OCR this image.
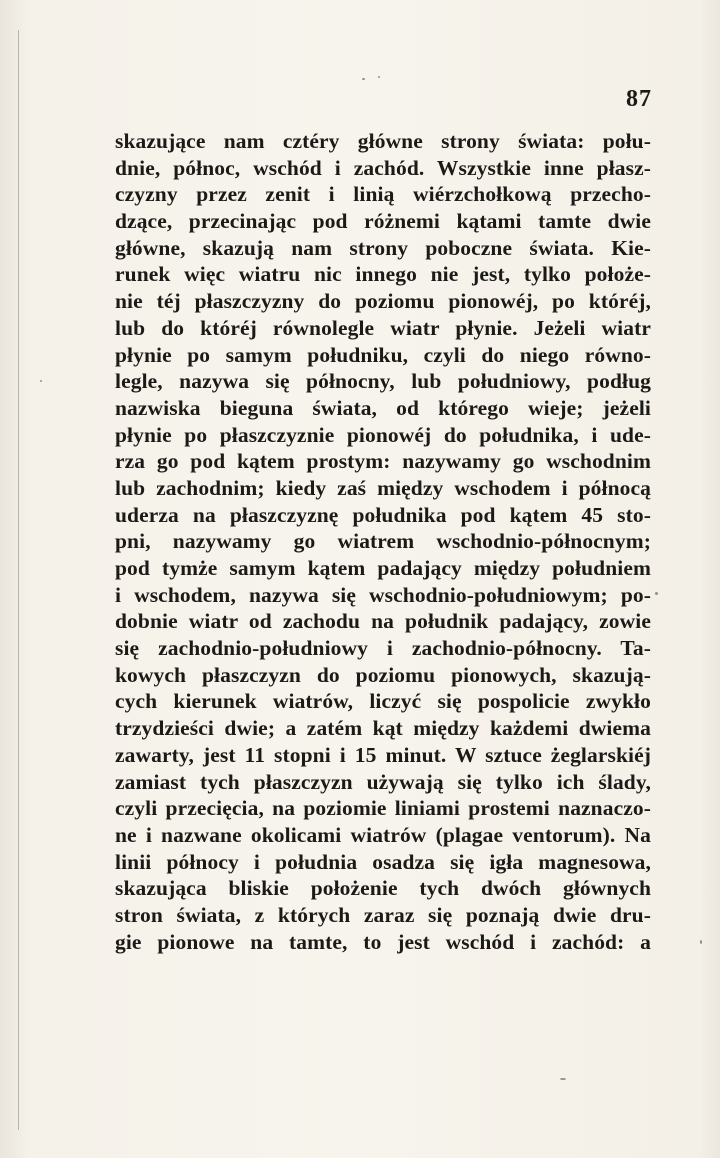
87
skazujące nam cztéry główne strony świata: połu-
dnie, północ, wschód i zachód. Wszystkie inne płasz-
czyzny przez zenit i linią wiérzchołkową przecho-
dzące, przecinając pod różnemi kątami tamte dwie
główne, skazują nam strony poboczne świata. Kie-
runek więc wiatru nic innego nie jest, tylko położe-
nie téj płaszczyzny do poziomu pionowéj, po któréj,
lub do któréj równolegle wiatr płynie. Jeżeli wiatr
płynie po samym południku, czyli do niego równo-
legle, nazywa się północny, lub południowy, podług
nazwiska bieguna świata, od którego wieje; jeżeli
płynie po płaszczyznie pionowéj do południka, i ude-
rza go pod kątem prostym: nazywamy go wschodnim
lub zachodnim; kiedy zaś między wschodem i północą
uderza na płaszczyznę południka pod kątem 45 sto-
pni, nazywamy go wiatrem wschodnio-północnym;
pod tymże samym kątem padający między południem
i wschodem, nazywa się wschodnio-południowym; po-
dobnie wiatr od zachodu na południk padający, zowie
się zachodnio-południowy i zachodnio-północny. Ta-
kowych płaszczyzn do poziomu pionowych, skazują-
cych kierunek wiatrów, liczyć się pospolicie zwykło
trzydzieści dwie; a zatém kąt między każdemi dwiema
zawarty, jest 11 stopni i 15 minut. W sztuce żeglarskiéj
zamiast tych płaszczyzn używają się tylko ich ślady,
czyli przecięcia, na poziomie liniami prostemi naznaczo-
ne i nazwane okolicami wiatrów (plagae ventorum). Na
linii północy i południa osadza się igła magnesowa,
skazująca bliskie położenie tych dwóch głównych
stron świata, z których zaraz się poznają dwie dru-
gie pionowe na tamte, to jest wschód i zachód: a
